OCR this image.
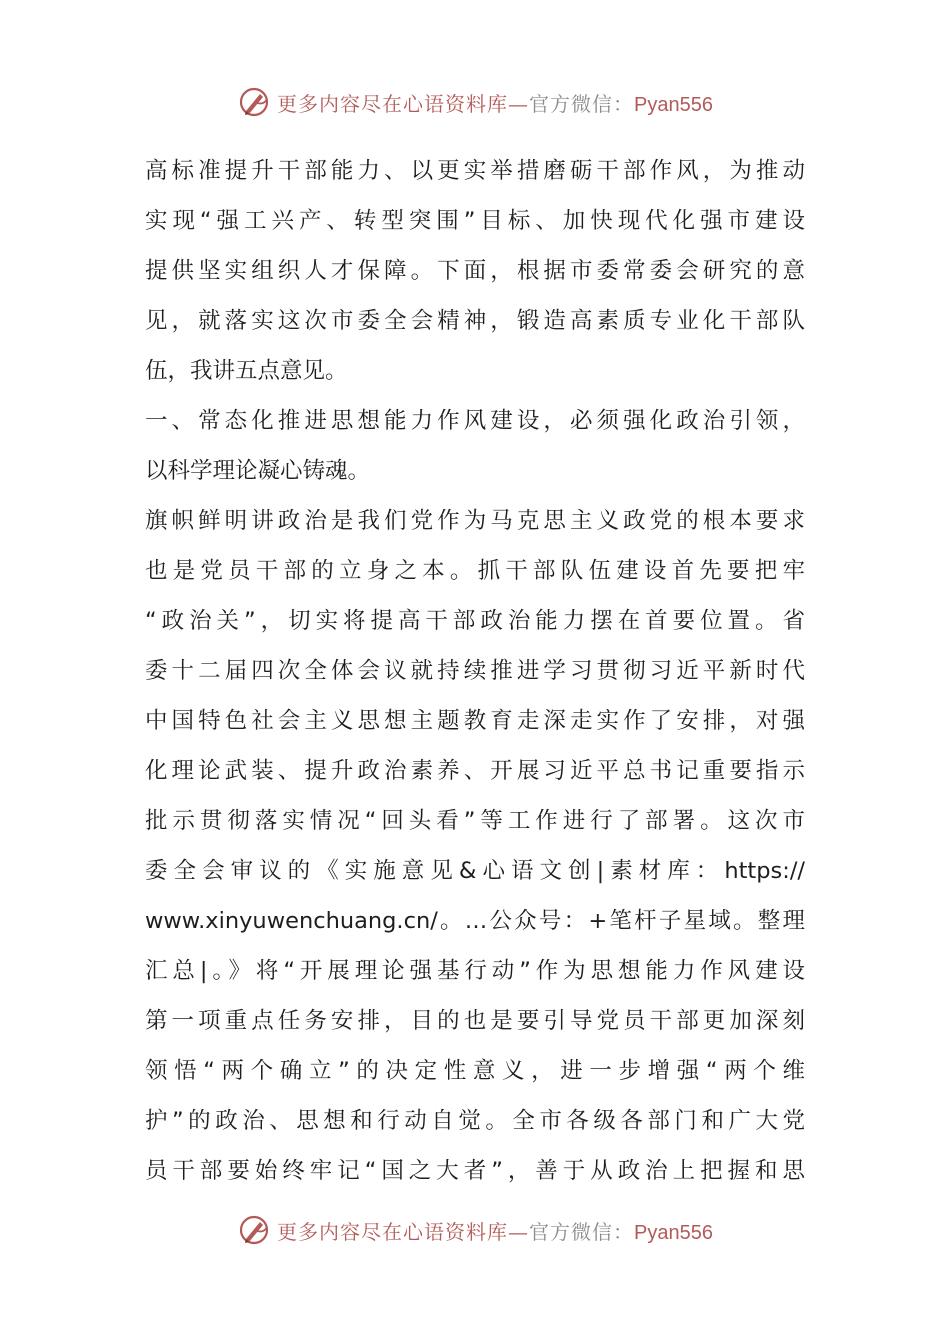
更多内容尽在心语资料库—官方微信：Pyan556
高标准提升干部能力、以更实举措磨砺干部作风，为推动
实现“强工兴产、转型突围”目标、加快现代化强市建设
提供坚实组织人才保障。下面，根据市委常委会研究的意
见，就落实这次市委全会精神，锻造高素质专业化干部队
伍，我讲五点意见。
一、常态化推进思想能力作风建设，必须强化政治引领，
以科学理论凝心铸魂。
旗帜鲜明讲政治是我们党作为马克思主义政党的根本要求
也是党员干部的立身之本。抓干部队伍建设首先要把牢
“政治关”，切实将提高干部政治能力摆在首要位置。省
委十二届四次全体会议就持续推进学习贯彻习近平新时代
中国特色社会主义思想主题教育走深走实作了安排，对强
化理论武装、提升政治素养、开展习近平总书记重要指示
批示贯彻落实情况“回头看”等工作进行了部署。这次市
委全会审议的《实施意见&心语文创|素材库：https://
www.xinyuwenchuang.cn/。…公众号：+笔杆子星域。整理
汇总|。》将“开展理论强基行动”作为思想能力作风建设
第一项重点任务安排，目的也是要引导党员干部更加深刻
领悟“两个确立”的决定性意义，进一步增强“两个维
护”的政治、思想和行动自觉。全市各级各部门和广大党
员干部要始终牢记“国之大者”，善于从政治上把握和思
更多内容尽在心语资料库—官方微信：Pyan556
